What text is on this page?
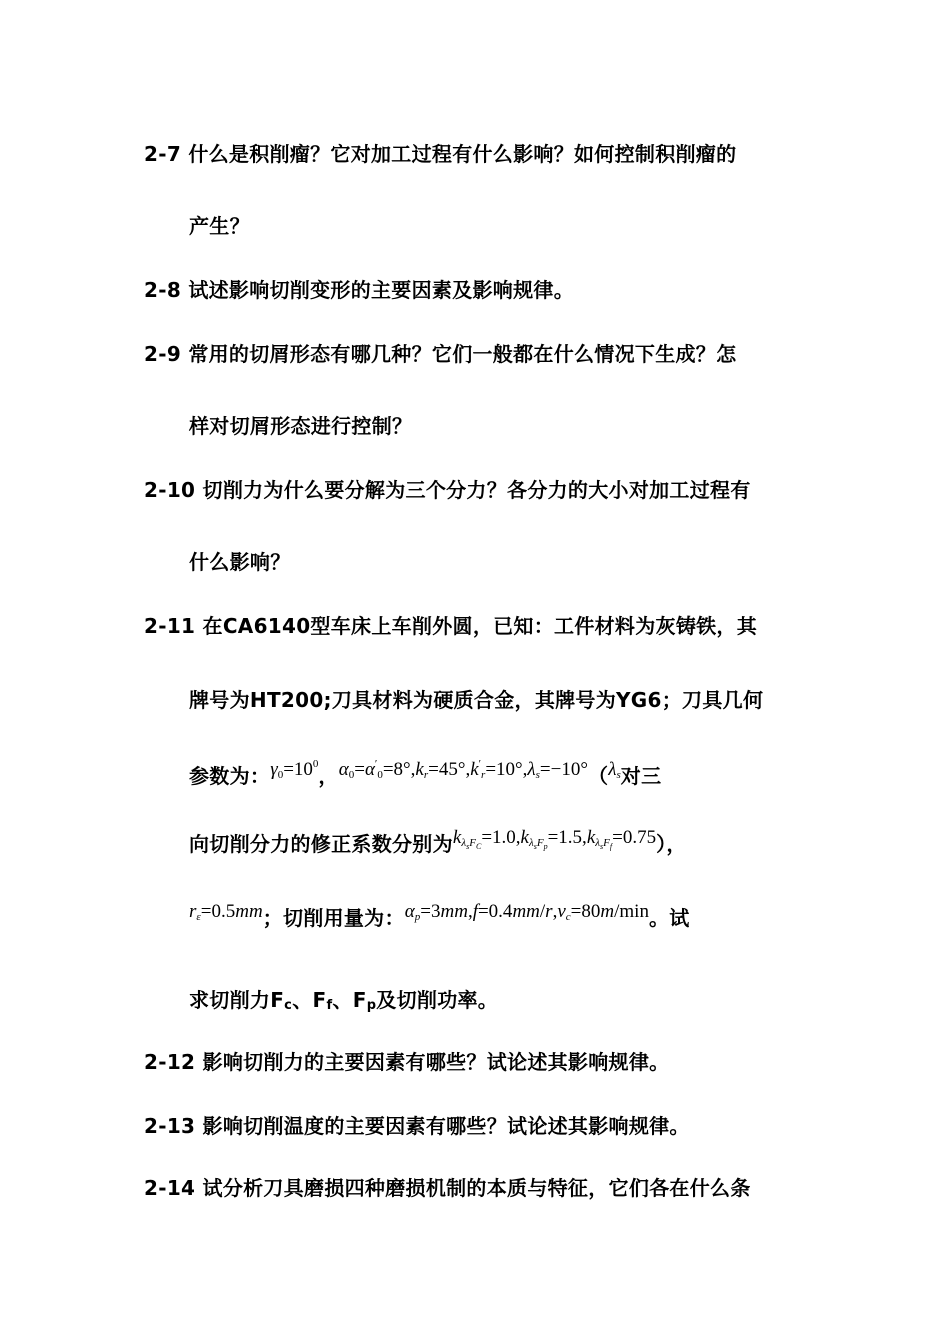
2-7 什么是积削瘤？它对加工过程有什么影响？如何控制积削瘤的
产生？
2-8 试述影响切削变形的主要因素及影响规律。
2-9 常用的切屑形态有哪几种？它们一般都在什么情况下生成？怎
样对切屑形态进行控制？
2-10 切削力为什么要分解为三个分力？各分力的大小对加工过程有
什么影响？
2-11 在CA6140型车床上车削外圆，已知：工件材料为灰铸铁，其
牌号为HT200;刀具材料为硬质合金，其牌号为YG6；刀具几何
参数为：$\gamma_0=10^0$，$\alpha_0=\alpha'_0=8^\circ,k_r=45^\circ,k'_r=10^\circ,\lambda_s=-10^\circ(\lambda_s$对三
向切削分力的修正系数分别为$k_{\lambda_sF_C}=1.0,k_{\lambda_sF_p}=1.5,k_{\lambda_sF_f}=0.75$），
$r_\varepsilon=0.5mm$；切削用量为：$\alpha_p=3mm,f=0.4mm/r,v_c=80m/\min$。试
求切削力Fc、Ff、Fp及切削功率。
2-12 影响切削力的主要因素有哪些？试论述其影响规律。
2-13 影响切削温度的主要因素有哪些？试论述其影响规律。
2-14 试分析刀具磨损四种磨损机制的本质与特征，它们各在什么条
